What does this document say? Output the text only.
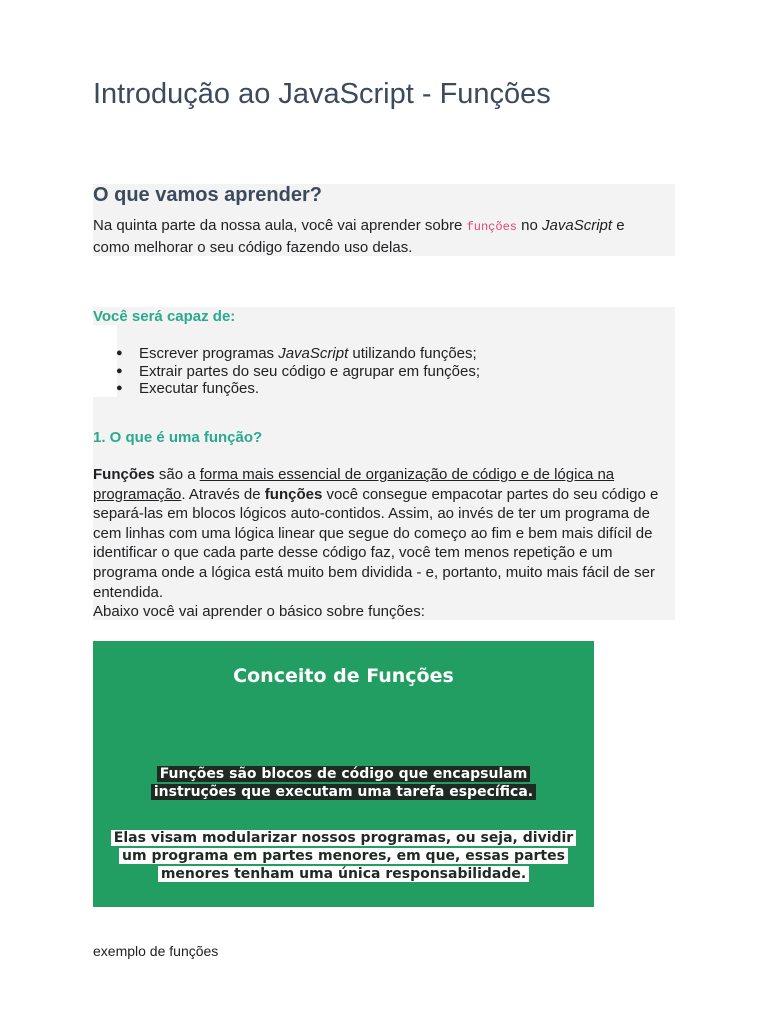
Introdução ao JavaScript - Funções
O que vamos aprender?

Na quinta parte da nossa aula, você vai aprender sobre funções no JavaScript e como melhorar o seu código fazendo uso delas.

Você será capaz de:
● Escrever programas JavaScript utilizando funções;
● Extrair partes do seu código e agrupar em funções;
● Executar funções.
1. O que é uma função?

Funções são a forma mais essencial de organização de código e de lógica na programação. Através de funções você consegue empacotar partes do seu código e separá-las em blocos lógicos auto-contidos. Assim, ao invés de ter um programa de cem linhas com uma lógica linear que segue do começo ao fim e bem mais difícil de identificar o que cada parte desse código faz, você tem menos repetição e um programa onde a lógica está muito bem dividida - e, portanto, muito mais fácil de ser entendida.
Abaixo você vai aprender o básico sobre funções:

Conceito de Funções
Funções são blocos de código que encapsulam
instruções que executam uma tarefa específica.
Elas visam modularizar nossos programas, ou seja, dividir
um programa em partes menores, em que, essas partes
menores tenham uma única responsabilidade.

exemplo de funções
